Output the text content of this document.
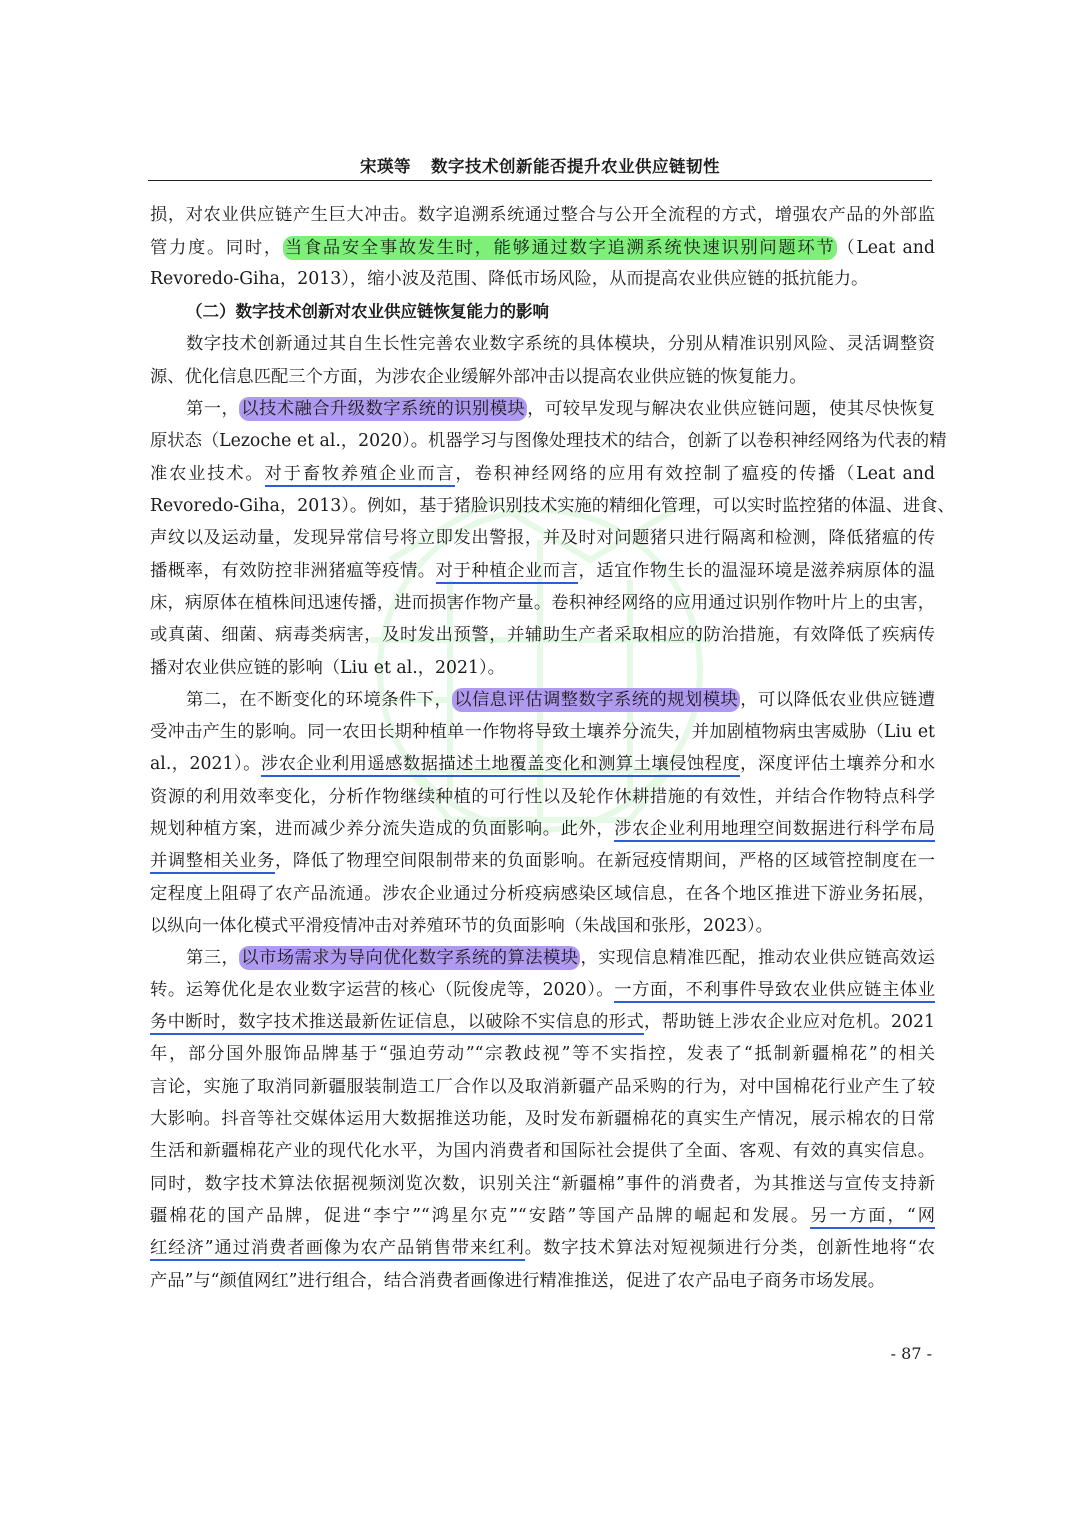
宋瑛等 数字技术创新能否提升农业供应链韧性
损，对农业供应链产生巨大冲击。数字追溯系统通过整合与公开全流程的方式，增强农产品的外部监
管力度。同时， 当食品安全事故发生时，能够通过数字追溯系统快速识别问题环节 （Leat and
Revoredo-Giha，2013），缩小波及范围、降低市场风险，从而提高农业供应链的抵抗能力。
（二）数字技术创新对农业供应链恢复能力的影响
数字技术创新通过其自生长性完善农业数字系统的具体模块，分别从精准识别风险、灵活调整资
源、优化信息匹配三个方面，为涉农企业缓解外部冲击以提高农业供应链的恢复能力。
第一， 以技术融合升级数字系统的识别模块 ，可较早发现与解决农业供应链问题，使其尽快恢复
原状态（Lezoche et al.，2020）。机器学习与图像处理技术的结合，创新了以卷积神经网络为代表的精
准农业技术。对于畜牧养殖企业而言，卷积神经网络的应用有效控制了瘟疫的传播（Leat and
Revoredo-Giha，2013）。例如，基于猪脸识别技术实施的精细化管理，可以实时监控猪的体温、进食、
声纹以及运动量，发现异常信号将立即发出警报，并及时对问题猪只进行隔离和检测，降低猪瘟的传
播概率，有效防控非洲猪瘟等疫情。对于种植企业而言，适宜作物生长的温湿环境是滋养病原体的温
床，病原体在植株间迅速传播，进而损害作物产量。卷积神经网络的应用通过识别作物叶片上的虫害，
或真菌、细菌、病毒类病害，及时发出预警，并辅助生产者采取相应的防治措施，有效降低了疾病传
播对农业供应链的影响（Liu et al.，2021）。
第二，在不断变化的环境条件下， 以信息评估调整数字系统的规划模块 ，可以降低农业供应链遭
受冲击产生的影响。同一农田长期种植单一作物将导致土壤养分流失，并加剧植物病虫害威胁（Liu et
al.，2021）。涉农企业利用遥感数据描述土地覆盖变化和测算土壤侵蚀程度，深度评估土壤养分和水
资源的利用效率变化，分析作物继续种植的可行性以及轮作休耕措施的有效性，并结合作物特点科学
规划种植方案，进而减少养分流失造成的负面影响。此外，涉农企业利用地理空间数据进行科学布局
并调整相关业务，降低了物理空间限制带来的负面影响。在新冠疫情期间，严格的区域管控制度在一
定程度上阻碍了农产品流通。涉农企业通过分析疫病感染区域信息，在各个地区推进下游业务拓展，
以纵向一体化模式平滑疫情冲击对养殖环节的负面影响（朱战国和张彤，2023）。
第三， 以市场需求为导向优化数字系统的算法模块 ，实现信息精准匹配，推动农业供应链高效运
转。运筹优化是农业数字运营的核心（阮俊虎等，2020）。一方面，不利事件导致农业供应链主体业
务中断时，数字技术推送最新佐证信息，以破除不实信息的形式，帮助链上涉农企业应对危机。2021
年，部分国外服饰品牌基于“强迫劳动”“宗教歧视”等不实指控，发表了“抵制新疆棉花”的相关
言论，实施了取消同新疆服装制造工厂合作以及取消新疆产品采购的行为，对中国棉花行业产生了较
大影响。抖音等社交媒体运用大数据推送功能，及时发布新疆棉花的真实生产情况，展示棉农的日常
生活和新疆棉花产业的现代化水平，为国内消费者和国际社会提供了全面、客观、有效的真实信息。
同时，数字技术算法依据视频浏览次数，识别关注“新疆棉”事件的消费者，为其推送与宣传支持新
疆棉花的国产品牌，促进“李宁”“鸿星尔克”“安踏”等国产品牌的崛起和发展。另一方面，“网
红经济”通过消费者画像为农产品销售带来红利。数字技术算法对短视频进行分类，创新性地将“农
产品”与“颜值网红”进行组合，结合消费者画像进行精准推送，促进了农产品电子商务市场发展。
- 87 -
